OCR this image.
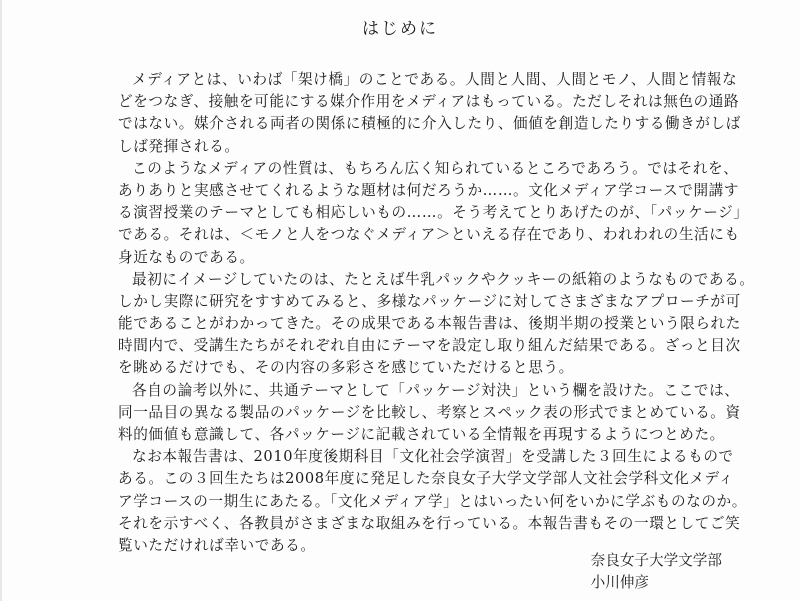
はじめに
メディアとは、いわば「架け橋」のことである。人間と人間、人間とモノ、人間と情報な
どをつなぎ、接触を可能にする媒介作用をメディアはもっている。ただしそれは無色の通路
ではない。媒介される両者の関係に積極的に介入したり、価値を創造したりする働きがしば
しば発揮される。
このようなメディアの性質は、もちろん広く知られているところであろう。ではそれを、
ありありと実感させてくれるような題材は何だろうか……。文化メディア学コースで開講す
る演習授業のテーマとしても相応しいもの……。そう考えてとりあげたのが、「パッケージ」
である。それは、＜モノと人をつなぐメディア＞といえる存在であり、われわれの生活にも
身近なものである。
最初にイメージしていたのは、たとえば牛乳パックやクッキーの紙箱のようなものである。
しかし実際に研究をすすめてみると、多様なパッケージに対してさまざまなアプローチが可
能であることがわかってきた。その成果である本報告書は、後期半期の授業という限られた
時間内で、受講生たちがそれぞれ自由にテーマを設定し取り組んだ結果である。ざっと目次
を眺めるだけでも、その内容の多彩さを感じていただけると思う。
各自の論考以外に、共通テーマとして「パッケージ対決」という欄を設けた。ここでは、
同一品目の異なる製品のパッケージを比較し、考察とスペック表の形式でまとめている。資
料的価値も意識して、各パッケージに記載されている全情報を再現するようにつとめた。
なお本報告書は、2010年度後期科目「文化社会学演習」を受講した３回生によるもので
ある。この３回生たちは2008年度に発足した奈良女子大学文学部人文社会学科文化メディ
ア学コースの一期生にあたる。「文化メディア学」とはいったい何をいかに学ぶものなのか。
それを示すべく、各教員がさまざまな取組みを行っている。本報告書もその一環としてご笑
覧いただければ幸いである。
奈良女子大学文学部
小川伸彦
